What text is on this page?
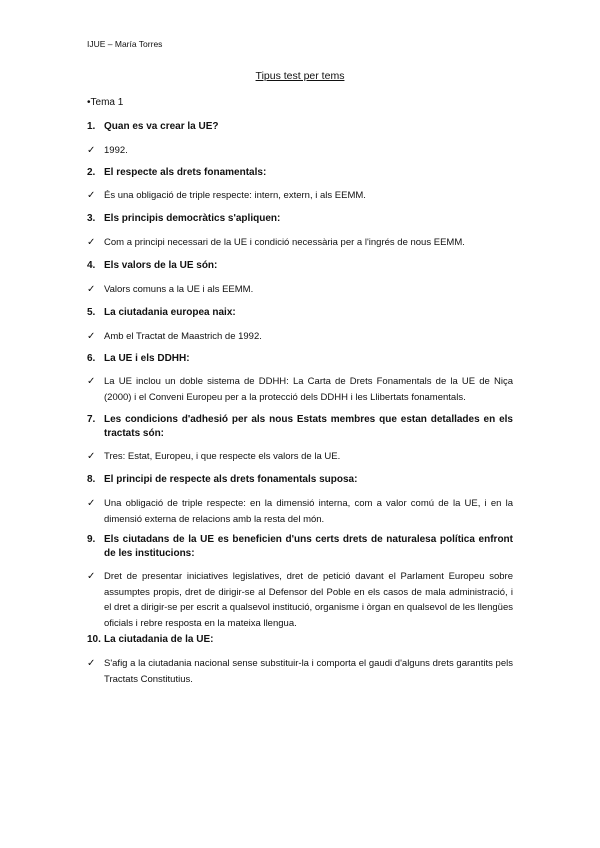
IJUE – María Torres
Tipus test per tems
•Tema 1
1. Quan es va crear la UE?
✓ 1992.
2. El respecte als drets fonamentals:
✓ És una obligació de triple respecte: intern, extern, i als EEMM.
3. Els principis democràtics s'apliquen:
✓ Com a principi necessari de la UE i condició necessària per a l'ingrés de nous EEMM.
4. Els valors de la UE són:
✓ Valors comuns a la UE i als EEMM.
5. La ciutadania europea naix:
✓ Amb el Tractat de Maastrich de 1992.
6. La UE i els DDHH:
✓ La UE inclou un doble sistema de DDHH: La Carta de Drets Fonamentals de la UE de Niça (2000) i el Conveni Europeu per a la protecció dels DDHH i les Llibertats fonamentals.
7. Les condicions d'adhesió per als nous Estats membres que estan detallades en els tractats són:
✓ Tres: Estat, Europeu, i que respecte els valors de la UE.
8. El principi de respecte als drets fonamentals suposa:
✓ Una obligació de triple respecte: en la dimensió interna, com a valor comú de la UE, i en la dimensió externa de relacions amb la resta del món.
9. Els ciutadans de la UE es beneficien d'uns certs drets de naturalesa política enfront de les institucions:
✓ Dret de presentar iniciatives legislatives, dret de petició davant el Parlament Europeu sobre assumptes propis, dret de dirigir-se al Defensor del Poble en els casos de mala administració, i el dret a dirigir-se per escrit a qualsevol institució, organisme i òrgan en qualsevol de les llengües oficials i rebre resposta en la mateixa llengua.
10. La ciutadania de la UE:
✓ S'afig a la ciutadania nacional sense substituir-la i comporta el gaudi d'alguns drets garantits pels Tractats Constitutius.
